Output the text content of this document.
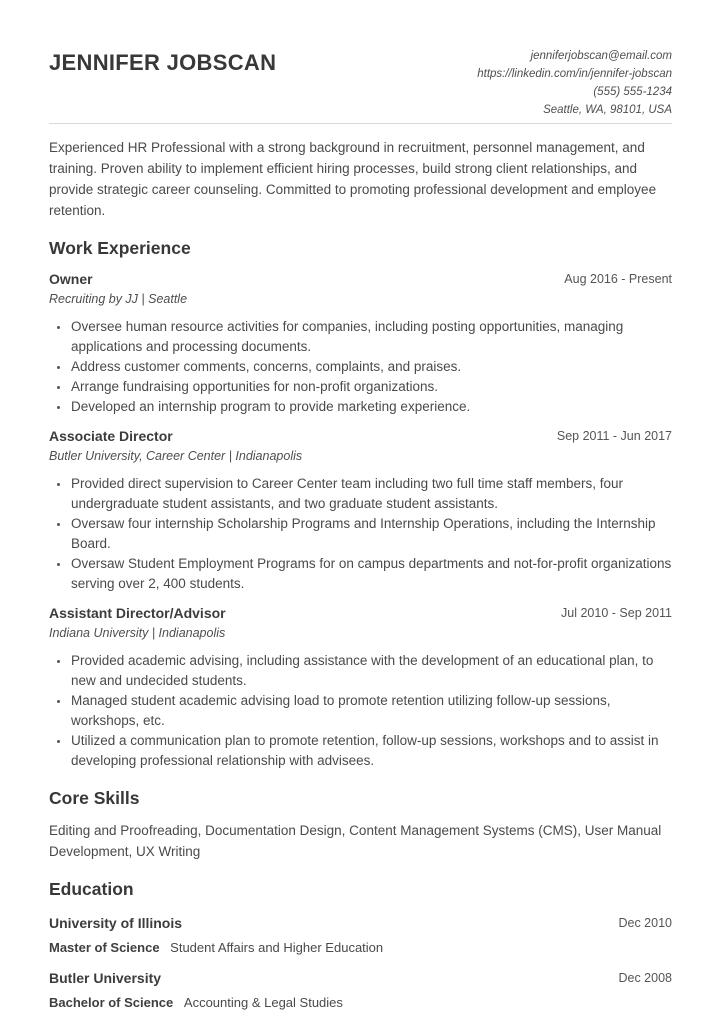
JENNIFER JOBSCAN	jenniferjobscan@email.com
https://linkedin.com/in/jennifer-jobscan
(555) 555-1234
Seattle, WA, 98101, USA

Experienced HR Professional with a strong background in recruitment, personnel management, and training. Proven ability to implement efficient hiring processes, build strong client relationships, and provide strategic career counseling. Committed to promoting professional development and employee retention.

Work Experience
Owner	Aug 2016 - Present
Recruiting by JJ | Seattle
• Oversee human resource activities for companies, including posting opportunities, managing applications and processing documents.
• Address customer comments, concerns, complaints, and praises.
• Arrange fundraising opportunities for non-profit organizations.
• Developed an internship program to provide marketing experience.
Associate Director	Sep 2011 - Jun 2017
Butler University, Career Center | Indianapolis
• Provided direct supervision to Career Center team including two full time staff members, four undergraduate student assistants, and two graduate student assistants.
• Oversaw four internship Scholarship Programs and Internship Operations, including the Internship Board.
• Oversaw Student Employment Programs for on campus departments and not-for-profit organizations serving over 2, 400 students.
Assistant Director/Advisor	Jul 2010 - Sep 2011
Indiana University | Indianapolis
• Provided academic advising, including assistance with the development of an educational plan, to new and undecided students.
• Managed student academic advising load to promote retention utilizing follow-up sessions, workshops, etc.
• Utilized a communication plan to promote retention, follow-up sessions, workshops and to assist in developing professional relationship with advisees.
Core Skills

Editing and Proofreading, Documentation Design, Content Management Systems (CMS), User Manual Development, UX Writing

Education
University of Illinois	Dec 2010
Master of Science Student Affairs and Higher Education
Butler University	Dec 2008
Bachelor of Science Accounting & Legal Studies
